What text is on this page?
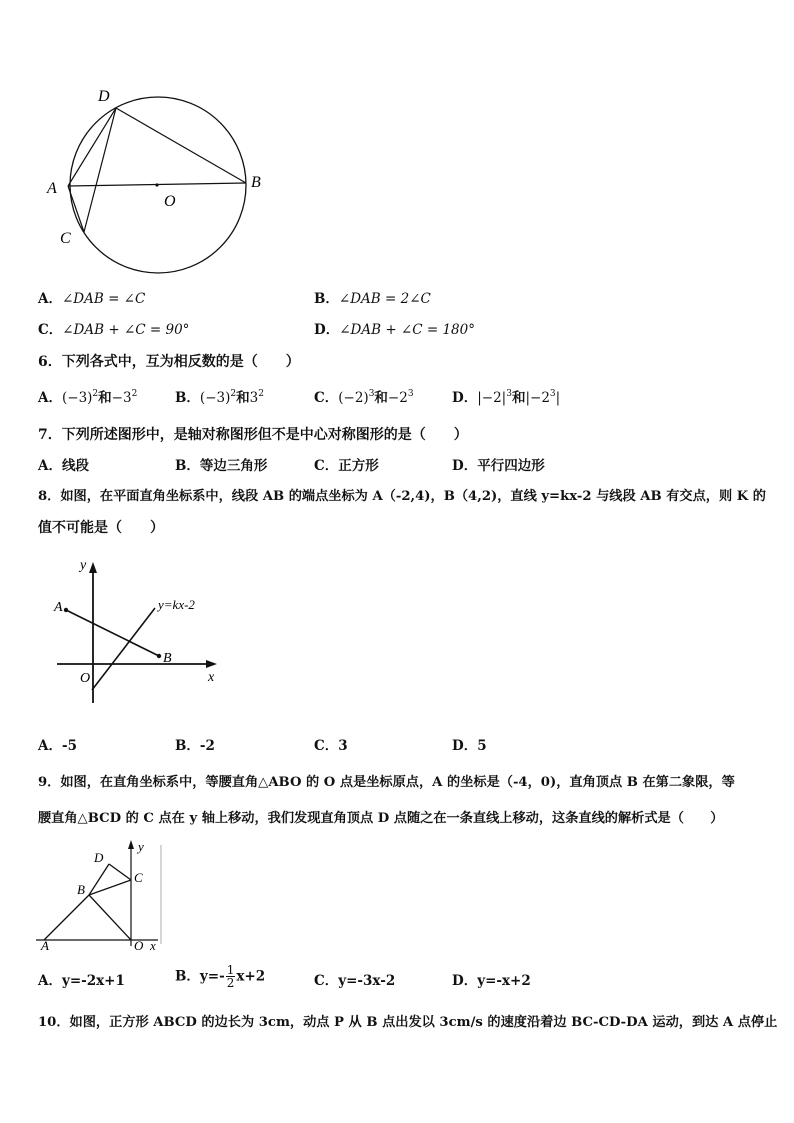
D
A	B
O
C
A．∠DAB = ∠C	B．∠DAB = 2∠C
C．∠DAB + ∠C = 90°	D．∠DAB + ∠C = 180°
6．下列各式中，互为相反数的是（　　）
A．$(-3)^2$和$-3^2$	B．$(-3)^2$和$3^2$	C．$(-2)^3$和$-2^3$	D．$|-2|^3$和$|-2^3|$
7．下列所述图形中，是轴对称图形但不是中心对称图形的是（　　）
A．线段	B．等边三角形	C．正方形	D．平行四边形
8．如图，在平面直角坐标系中，线段 AB 的端点坐标为 A（-2,4)，B（4,2)，直线 y=kx-2 与线段 AB 有交点，则 K 的
值不可能是（　　）
y
x
A
B
O
y=kx-2
A．-5	B．-2	C．3	D．5
9．如图，在直角坐标系中，等腰直角△ABO 的 O 点是坐标原点，A 的坐标是（-4，0)，直角顶点 B 在第二象限，等
腰直角△BCD 的 C 点在 y 轴上移动，我们发现直角顶点 D 点随之在一条直线上移动，这条直线的解析式是（　　）
y
D
C
B
A	O x
A．y=-2x+1	B．$y=- \frac{1}{2} x+2$	C．y=-3x-2	D．y=-x+2
10．如图，正方形 ABCD 的边长为 3cm，动点 P 从 B 点出发以 3cm/s 的速度沿着边 BC-CD-DA 运动，到达 A 点停止
